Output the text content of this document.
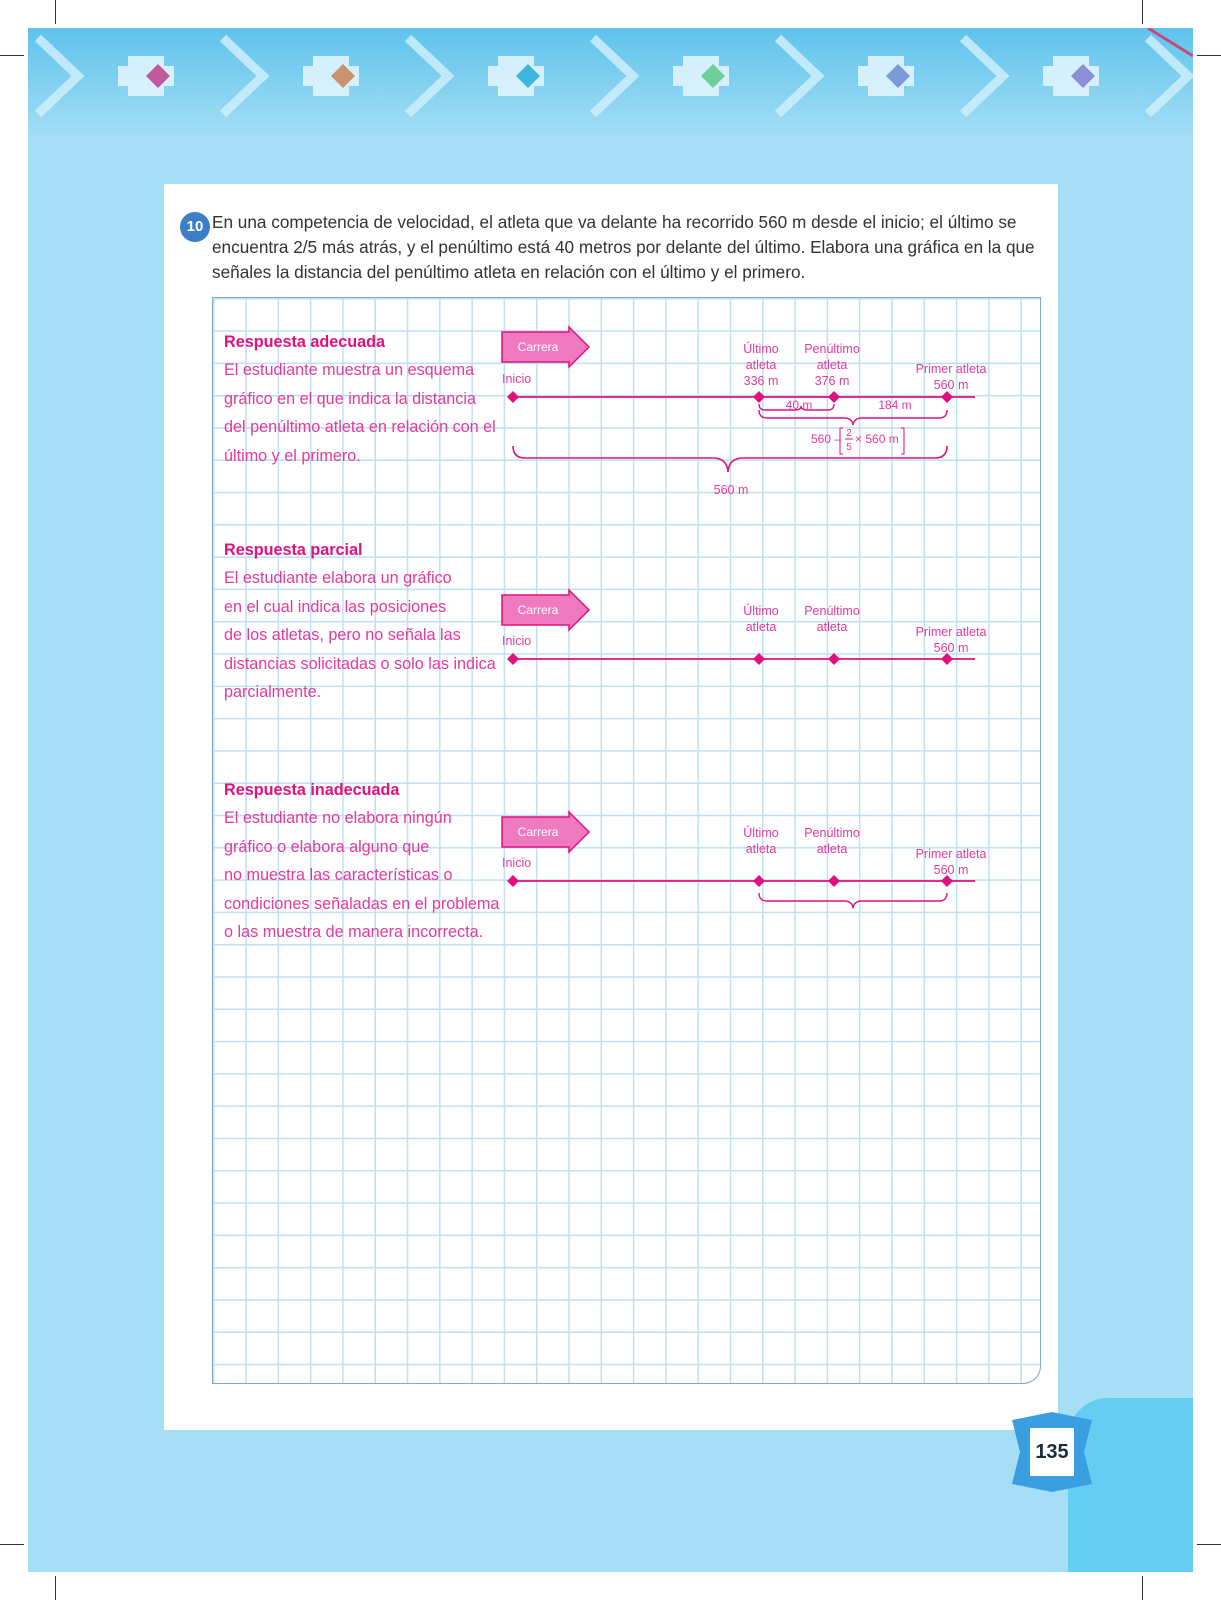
10 En una competencia de velocidad, el atleta que va delante ha recorrido 560 m desde el inicio; el último se encuentra 2/5 más atrás, y el penúltimo está 40 metros por delante del último. Elabora una gráfica en la que señales la distancia del penúltimo atleta en relación con el último y el primero.
Respuesta adecuada
El estudiante muestra un esquema
gráfico en el que indica la distancia
del penúltimo atleta en relación con el
último y el primero.
Respuesta parcial
El estudiante elabora un gráfico
en el cual indica las posiciones
de los atletas, pero no señala las
distancias solicitadas o solo las indica
parcialmente.
Respuesta inadecuada
El estudiante no elabora ningún
gráfico o elabora alguno que
no muestra las características o
condiciones señaladas en el problema
o las muestra de manera incorrecta.
Carrera
Inicio
Último
atleta
336 m
Penúltimo
atleta
376 m
Primer atleta
560 m
40 m	184 m
560 – 2
5
× 560 m
560 m
Carrera
Inicio
Último
atleta
Penúltimo
atleta	Primer atleta
560 m
Carrera
Inicio
Último
atleta
Penúltimo
atleta	Primer atleta
560 m
135
